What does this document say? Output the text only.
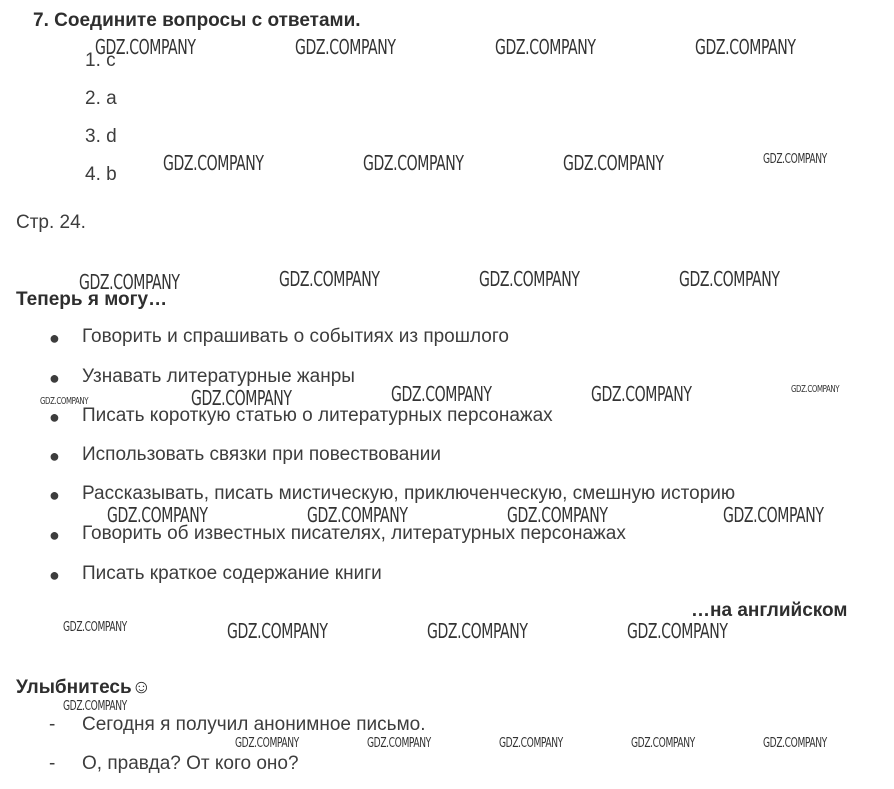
7. Соедините вопросы с ответами.
1. c
2. a
3. d
4. b
Стр. 24.
Теперь я могу…
● Говорить и спрашивать о событиях из прошлого
● Узнавать литературные жанры
● Писать короткую статью о литературных персонажах
● Использовать связки при повествовании
● Рассказывать, писать мистическую, приключенческую, смешную историю
● Говорить об известных писателях, литературных персонажах
● Писать краткое содержание книги
…на английском
Улыбнитесь☺
- Сегодня я получил анонимное письмо.
- О, правда? От кого оно?
GDZ.COMPANY	GDZ.COMPANY	GDZ.COMPANY	GDZ.COMPANY
GDZ.COMPANY	GDZ.COMPANY	GDZ.COMPANY	GDZ.COMPANY
GDZ.COMPANY	GDZ.COMPANY	GDZ.COMPANY	GDZ.COMPANY
GDZ.COMPANY	GDZ.COMPANY	GDZ.COMPANY	GDZ.COMPANY	GDZ.COMPANY
GDZ.COMPANY	GDZ.COMPANY	GDZ.COMPANY	GDZ.COMPANY
GDZ.COMPANY	GDZ.COMPANY	GDZ.COMPANY	GDZ.COMPANY
GDZ.COMPANY
GDZ.COMPANY	GDZ.COMPANY	GDZ.COMPANY	GDZ.COMPANY	GDZ.COMPANY
